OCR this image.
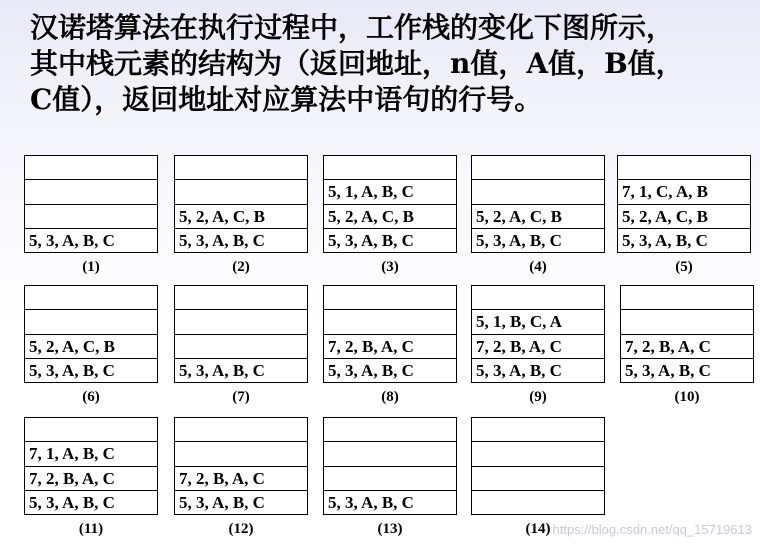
汉诺塔算法在执行过程中，工作栈的变化下图所示，
其中栈元素的结构为（返回地址，n值，A值，B值，
C值），返回地址对应算法中语句的行号。
5, 3, A, B, C
(1)
5, 2, A, C, B
5, 3, A, B, C
(2)
5, 1, A, B, C
5, 2, A, C, B
5, 3, A, B, C
(3)
5, 2, A, C, B
5, 3, A, B, C
(4)
7, 1, C, A, B
5, 2, A, C, B
5, 3, A, B, C
(5)
5, 2, A, C, B
5, 3, A, B, C
(6)
5, 3, A, B, C
(7)
7, 2, B, A, C
5, 3, A, B, C
(8)
5, 1, B, C, A
7, 2, B, A, C
5, 3, A, B, C
(9)
7, 2, B, A, C
5, 3, A, B, C
(10)
7, 1, A, B, C
7, 2, B, A, C
5, 3, A, B, C
(11)
7, 2, B, A, C
5, 3, A, B, C
(12)
5, 3, A, B, C
(13)	(14) https://blog.csdn.net/qq_15719613
